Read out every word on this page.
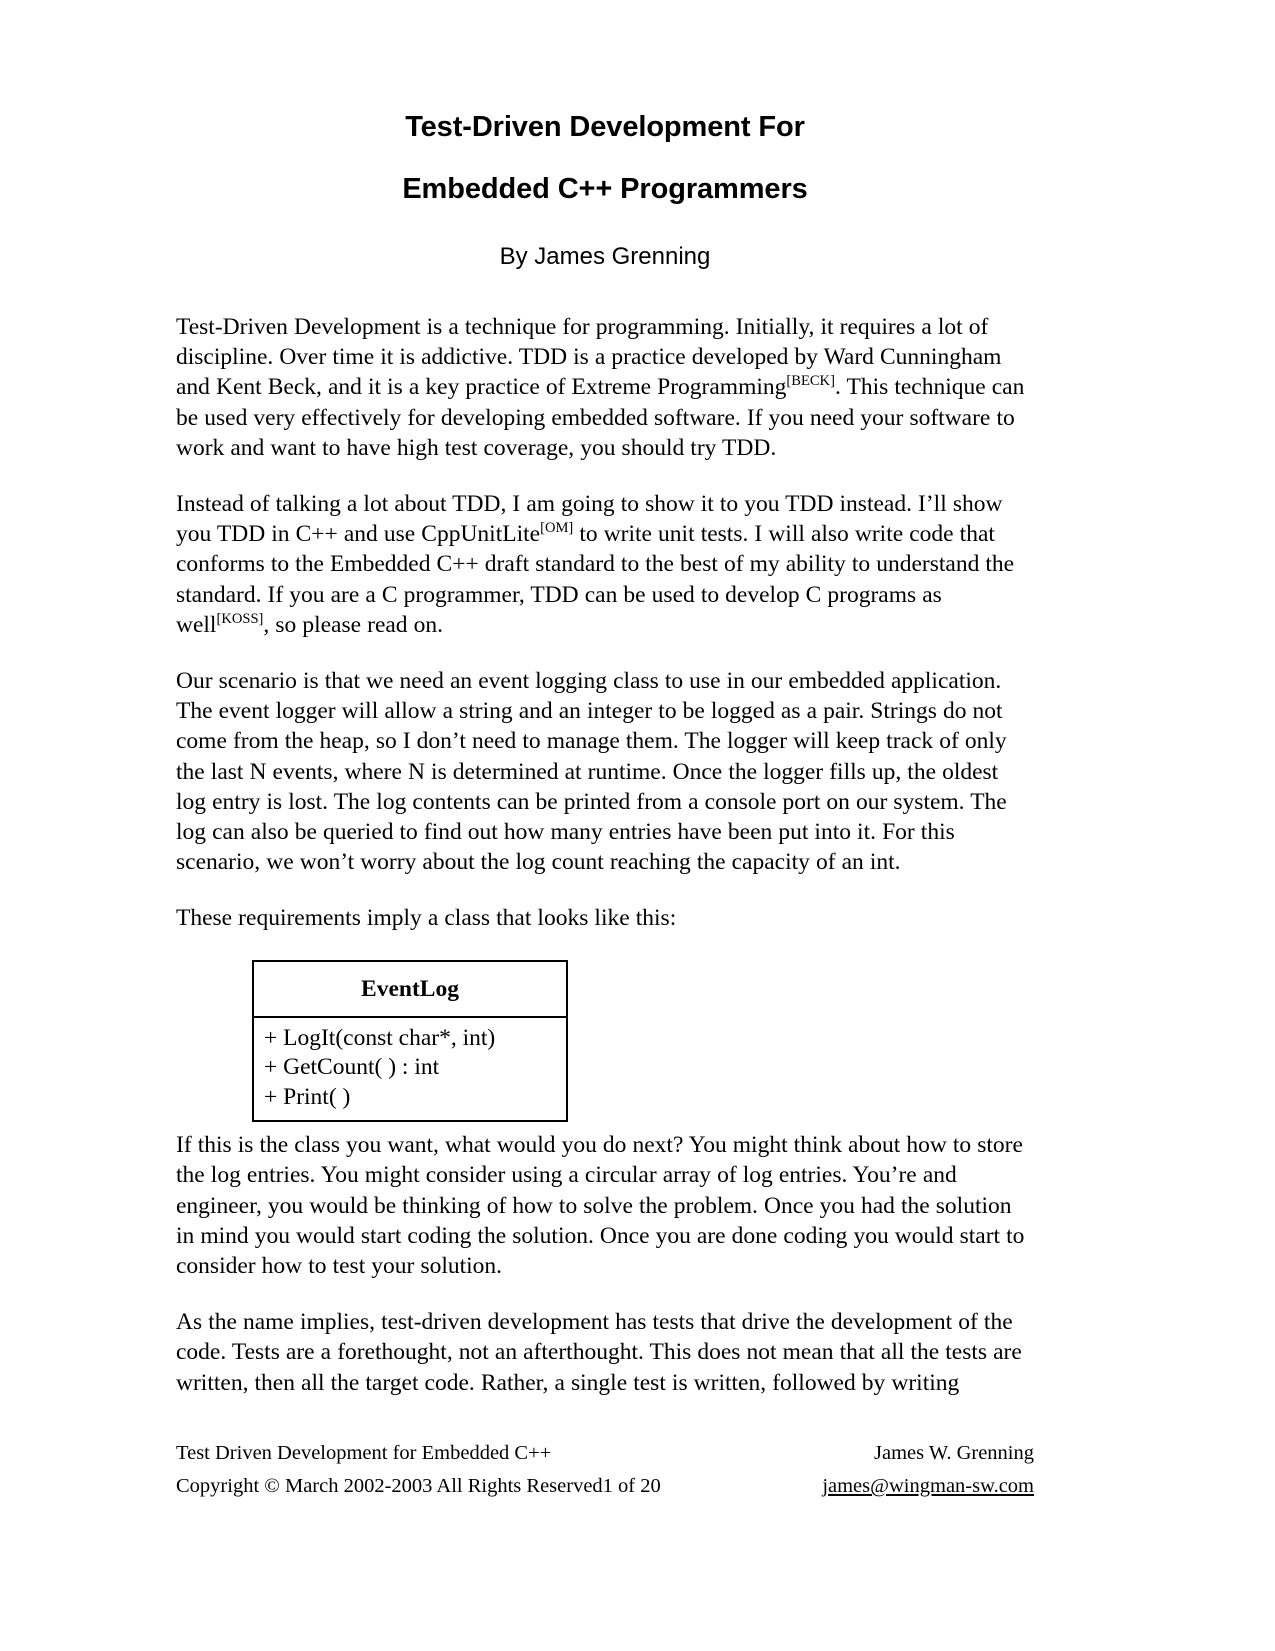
Test-Driven Development For
Embedded C++ Programmers
By James Grenning

Test-Driven Development is a technique for programming. Initially, it requires a lot of discipline. Over time it is addictive. TDD is a practice developed by Ward Cunningham and Kent Beck, and it is a key practice of Extreme Programming[BECK]. This technique can be used very effectively for developing embedded software. If you need your software to work and want to have high test coverage, you should try TDD.

Instead of talking a lot about TDD, I am going to show it to you TDD instead. I’ll show you TDD in C++ and use CppUnitLite[OM] to write unit tests. I will also write code that conforms to the Embedded C++ draft standard to the best of my ability to understand the standard. If you are a C programmer, TDD can be used to develop C programs as well[KOSS], so please read on.

Our scenario is that we need an event logging class to use in our embedded application. The event logger will allow a string and an integer to be logged as a pair. Strings do not come from the heap, so I don’t need to manage them. The logger will keep track of only the last N events, where N is determined at runtime. Once the logger fills up, the oldest log entry is lost. The log contents can be printed from a console port on our system. The log can also be queried to find out how many entries have been put into it. For this scenario, we won’t worry about the log count reaching the capacity of an int.

These requirements imply a class that looks like this:

EventLog
+ LogIt(const char*, int)
+ GetCount( ) : int
+ Print( )

If this is the class you want, what would you do next? You might think about how to store the log entries. You might consider using a circular array of log entries. You’re and engineer, you would be thinking of how to solve the problem. Once you had the solution in mind you would start coding the solution. Once you are done coding you would start to consider how to test your solution.

As the name implies, test-driven development has tests that drive the development of the code. Tests are a forethought, not an afterthought. This does not mean that all the tests are written, then all the target code. Rather, a single test is written, followed by writing

Test Driven Development for Embedded C++	James W. Grenning
Copyright © March 2002-2003 All Rights Reserved1 of 20	james@wingman-sw.com
